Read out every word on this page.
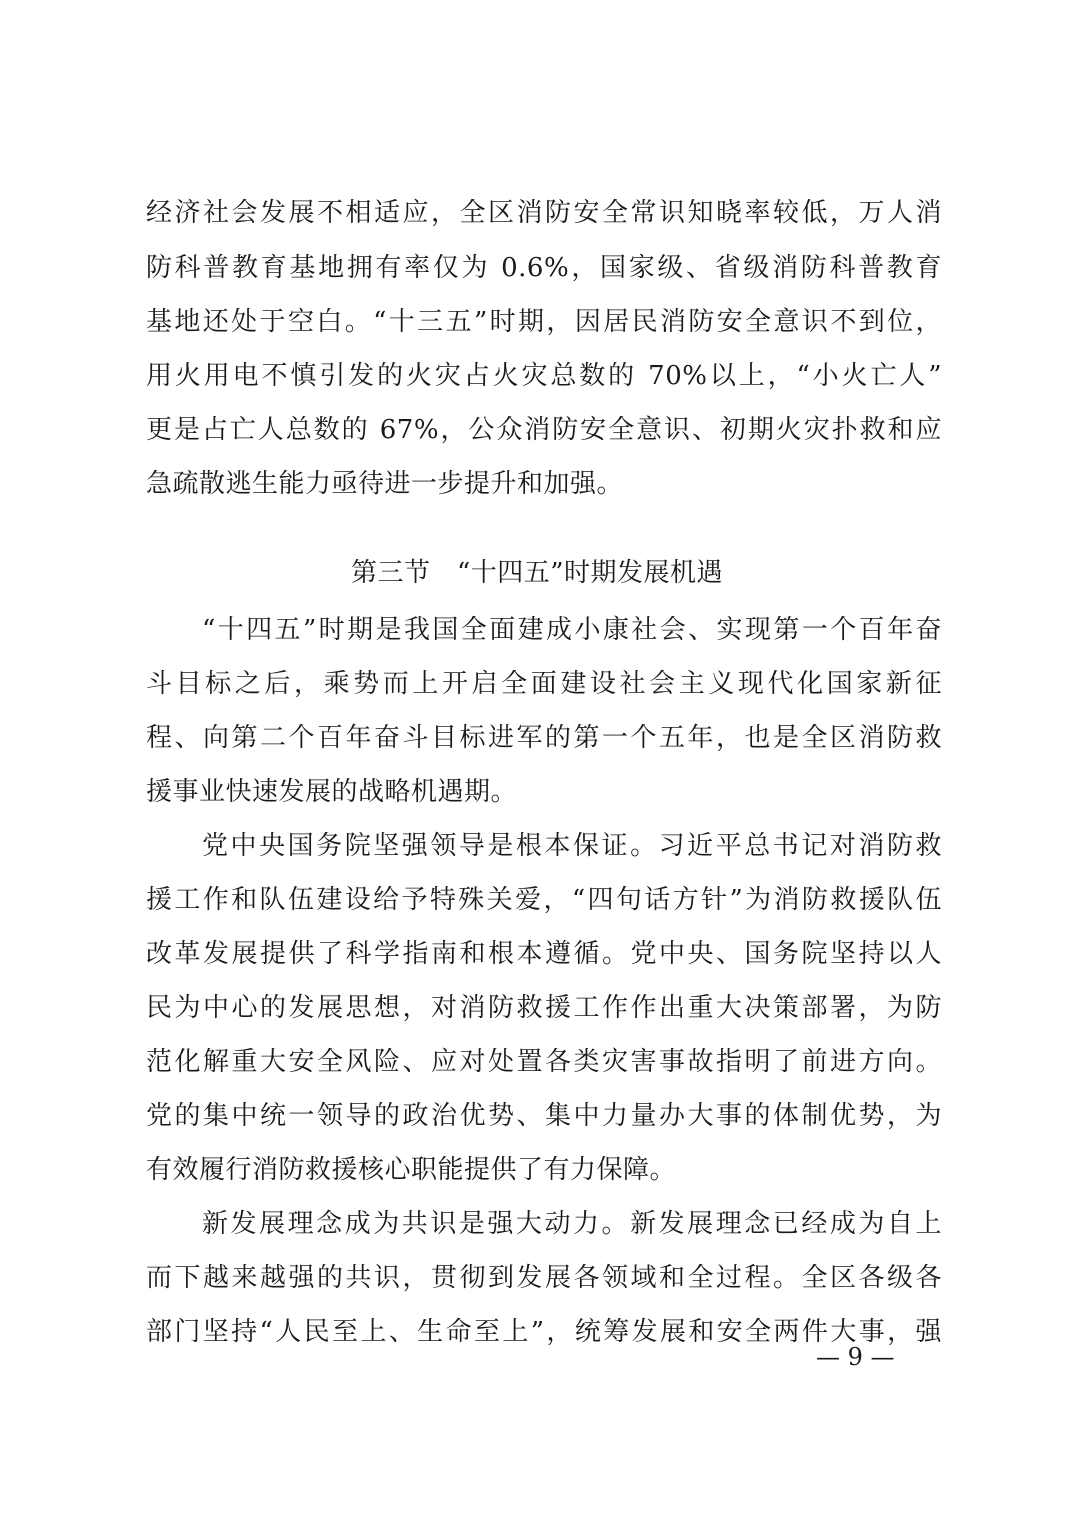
经济社会发展不相适应，全区消防安全常识知晓率较低，万人消
防科普教育基地拥有率仅为 0.6%，国家级、省级消防科普教育
基地还处于空白。“十三五”时期，因居民消防安全意识不到位，
用火用电不慎引发的火灾占火灾总数的 70%以上，“小火亡人”
更是占亡人总数的 67%，公众消防安全意识、初期火灾扑救和应
急疏散逃生能力亟待进一步提升和加强。
第三节　“十四五”时期发展机遇
“十四五”时期是我国全面建成小康社会、实现第一个百年奋
斗目标之后，乘势而上开启全面建设社会主义现代化国家新征
程、向第二个百年奋斗目标进军的第一个五年，也是全区消防救
援事业快速发展的战略机遇期。
党中央国务院坚强领导是根本保证。习近平总书记对消防救
援工作和队伍建设给予特殊关爱，“四句话方针”为消防救援队伍
改革发展提供了科学指南和根本遵循。党中央、国务院坚持以人
民为中心的发展思想，对消防救援工作作出重大决策部署，为防
范化解重大安全风险、应对处置各类灾害事故指明了前进方向。
党的集中统一领导的政治优势、集中力量办大事的体制优势，为
有效履行消防救援核心职能提供了有力保障。
新发展理念成为共识是强大动力。新发展理念已经成为自上
而下越来越强的共识，贯彻到发展各领域和全过程。全区各级各
部门坚持“人民至上、生命至上”，统筹发展和安全两件大事，强
— 9 —
